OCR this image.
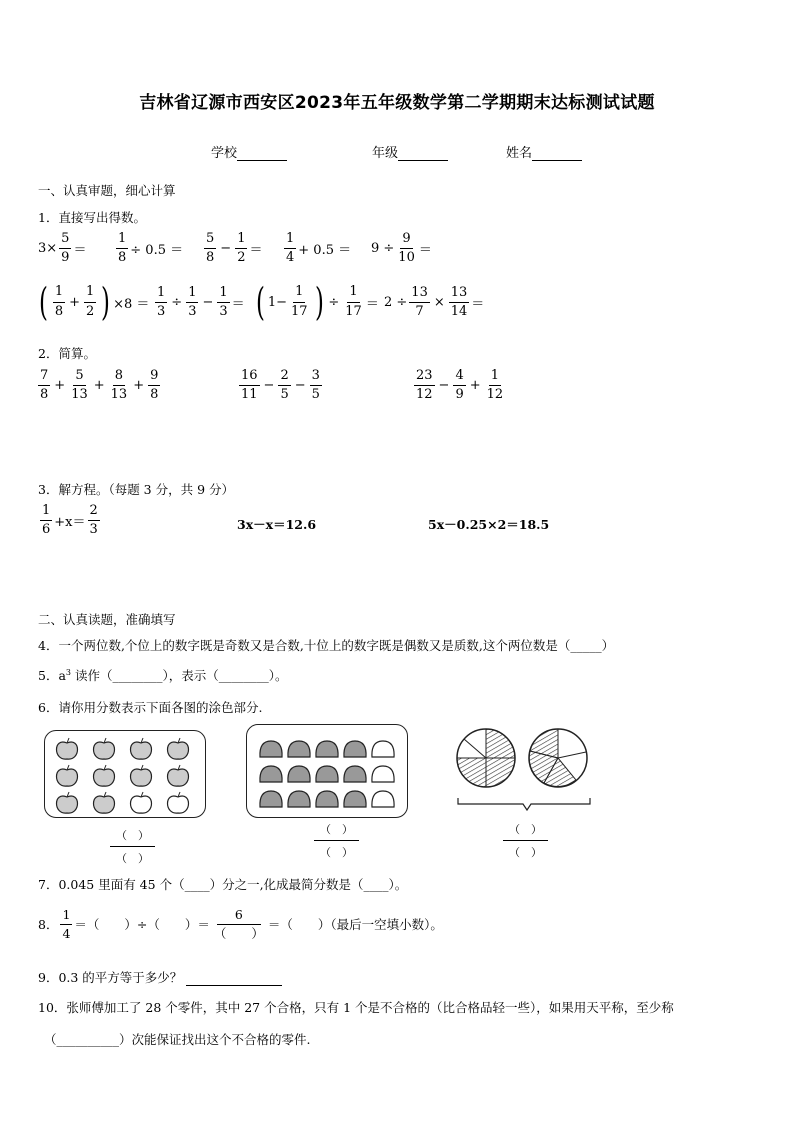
吉林省辽源市西安区2023年五年级数学第二学期期末达标测试试题
学校	年级	姓名
一、认真审题，细心计算
1．直接写出得数。
$3\times \frac{5}{9} = \frac{1}{8} \div 0.5 = \frac{5}{8} - \frac{1}{2} = \frac{1}{4} + 0.5 = 9 \div \frac{9}{10}$ ＝
( $\frac{1}{8} + \frac{1}{2}$ ) $\times 8 = \frac{1}{3} \div \frac{1}{3} - \frac{1}{3}$ ＝ ( $1- \frac{1}{17}$ ) ÷ $\frac{1}{17} = 2 \div \frac{13}{7} \times \frac{13}{14}$ ＝
2．简算。
$\frac{7}{8} + \frac{5}{13} + \frac{8}{13} + \frac{9}{8}$	$\frac{16}{11} - \frac{2}{5} - \frac{3}{5}$	$\frac{23}{12} - \frac{4}{9} + \frac{1}{12}$
3．解方程。（每题 3 分，共 9 分）
$\frac{1}{6} +x= \frac{2}{3}$	3x－x＝12.6	5x－0.25×2＝18.5
二、认真读题，准确填写
4．一个两位数,个位上的数字既是奇数又是合数,十位上的数字既是偶数又是质数,这个两位数是（_____）
5．$a^3$ 读作（________），表示（________）。
6．请你用分数表示下面各图的涂色部分.
（　）
（　）
（　）
（　）
（　）
（　）
7．0.045 里面有 45 个（____）分之一,化成最简分数是（____）。
8． $\frac{1}{4}$ ＝（　　）÷（　　）＝ $\frac{6}{( )}$ ＝（　　）（最后一空填小数）。
9．0.3 的平方等于多少？
10．张师傅加工了 28 个零件，其中 27 个合格，只有 1 个是不合格的（比合格品轻一些），如果用天平称，至少称
（__________）次能保证找出这个不合格的零件.
